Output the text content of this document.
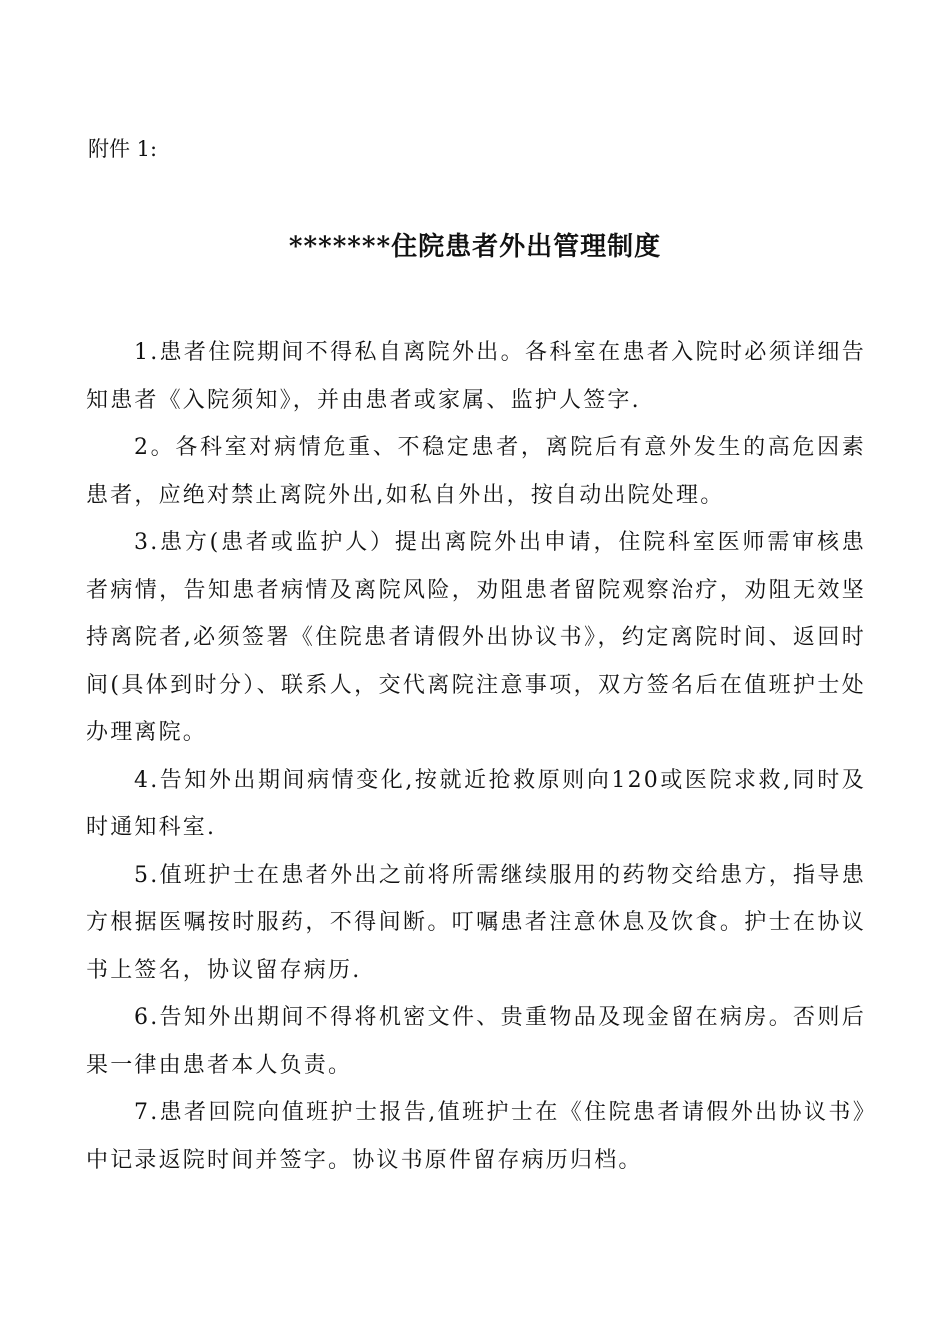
附件 1:
*******住院患者外出管理制度

1.患者住院期间不得私自离院外出。各科室在患者入院时必须详细告知患者《入院须知》，并由患者或家属、监护人签字.

2。各科室对病情危重、不稳定患者，离院后有意外发生的高危因素患者，应绝对禁止离院外出,如私自外出，按自动出院处理。

3.患方(患者或监护人）提出离院外出申请，住院科室医师需审核患者病情，告知患者病情及离院风险，劝阻患者留院观察治疗，劝阻无效坚持离院者,必须签署《住院患者请假外出协议书》，约定离院时间、返回时间(具体到时分）、联系人，交代离院注意事项，双方签名后在值班护士处办理离院。

4.告知外出期间病情变化,按就近抢救原则向120或医院求救,同时及时通知科室.

5.值班护士在患者外出之前将所需继续服用的药物交给患方，指导患方根据医嘱按时服药，不得间断。叮嘱患者注意休息及饮食。护士在协议书上签名，协议留存病历.

6.告知外出期间不得将机密文件、贵重物品及现金留在病房。否则后果一律由患者本人负责。

7.患者回院向值班护士报告,值班护士在《住院患者请假外出协议书》中记录返院时间并签字。协议书原件留存病历归档。
